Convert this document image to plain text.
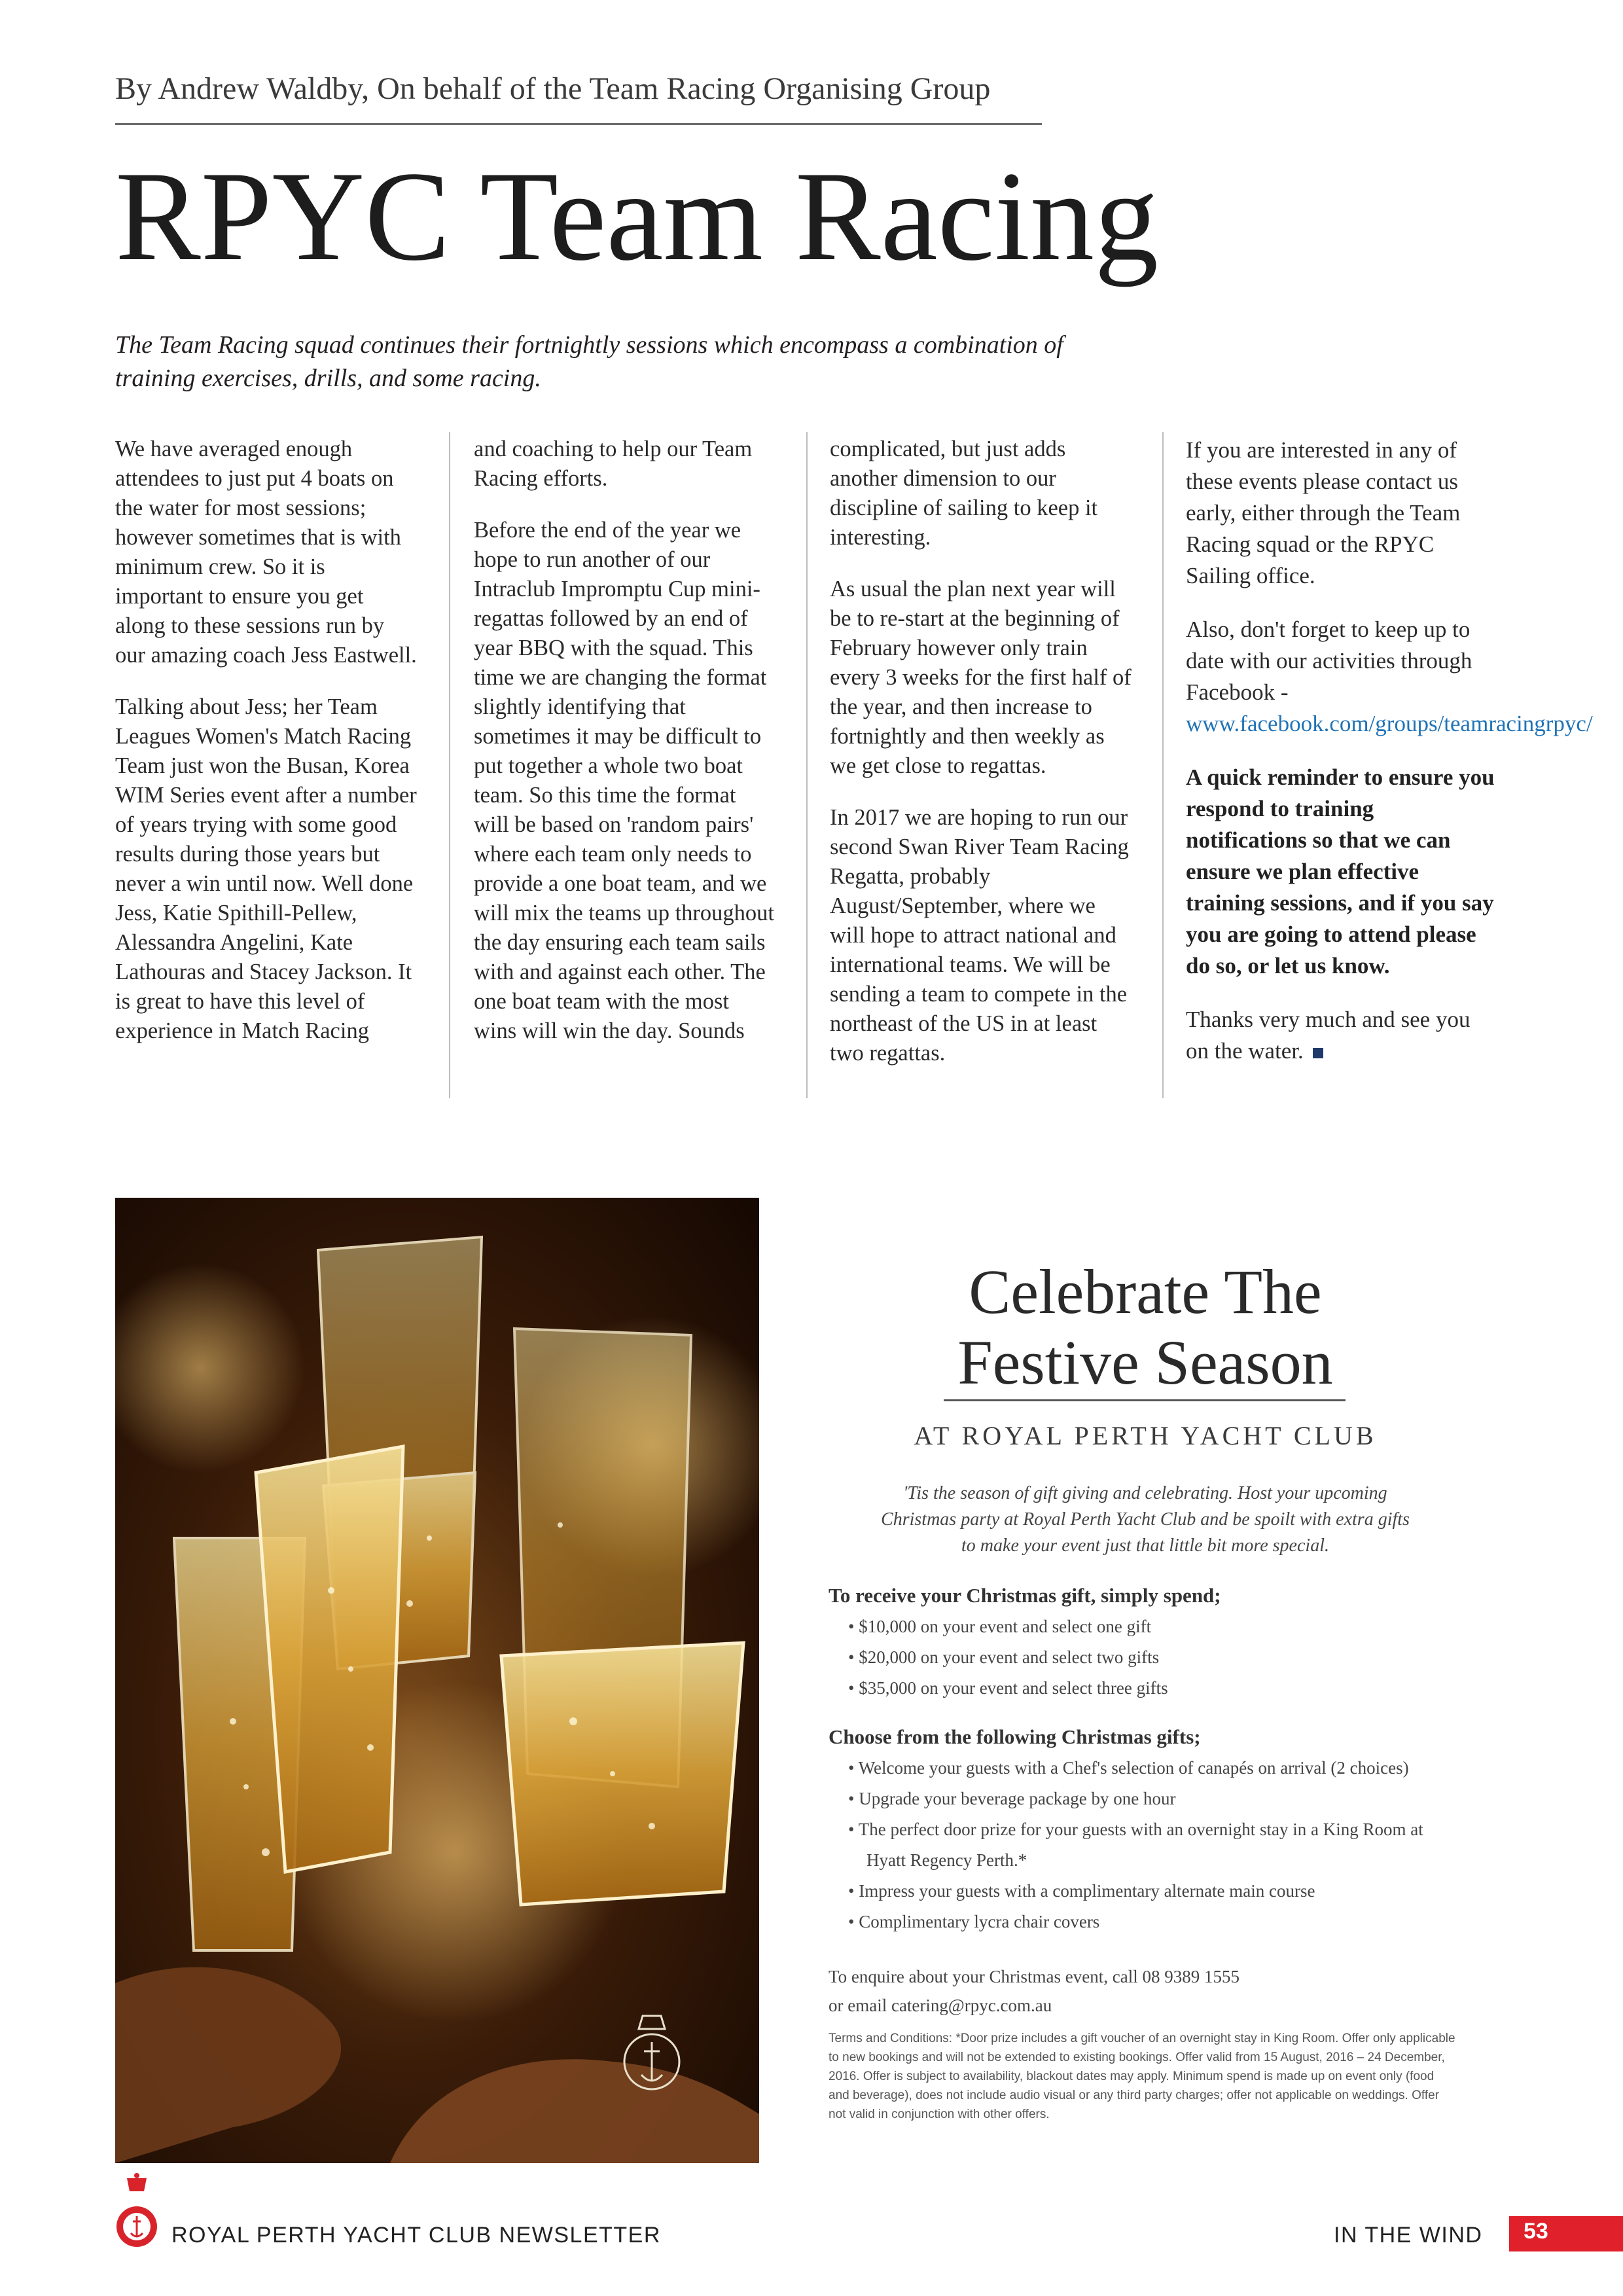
By Andrew Waldby, On behalf of the Team Racing Organising Group
RPYC Team Racing
The Team Racing squad continues their fortnightly sessions which encompass a combination of
training exercises, drills, and some racing.

We have averaged enough attendees to just put 4 boats on the water for most sessions; however sometimes that is with minimum crew. So it is important to ensure you get along to these sessions run by our amazing coach Jess Eastwell.

Talking about Jess; her Team Leagues Women's Match Racing Team just won the Busan, Korea WIM Series event after a number of years trying with some good results during those years but never a win until now. Well done Jess, Katie Spithill-Pellew, Alessandra Angelini, Kate Lathouras and Stacey Jackson. It is great to have this level of experience in Match Racing

and coaching to help our Team Racing efforts.

Before the end of the year we hope to run another of our Intraclub Impromptu Cup mini-regattas followed by an end of year BBQ with the squad. This time we are changing the format slightly identifying that sometimes it may be difficult to put together a whole two boat team. So this time the format will be based on 'random pairs' where each team only needs to provide a one boat team, and we will mix the teams up throughout the day ensuring each team sails with and against each other. The one boat team with the most wins will win the day. Sounds

complicated, but just adds another dimension to our discipline of sailing to keep it interesting.

As usual the plan next year will be to re-start at the beginning of February however only train every 3 weeks for the first half of the year, and then increase to fortnightly and then weekly as we get close to regattas.

In 2017 we are hoping to run our second Swan River Team Racing Regatta, probably August/September, where we will hope to attract national and international teams. We will be sending a team to compete in the northeast of the US in at least two regattas.

If you are interested in any of these events please contact us early, either through the Team Racing squad or the RPYC Sailing office.

Also, don't forget to keep up to date with our activities through Facebook - www.facebook.com/groups/teamracingrpyc/

A quick reminder to ensure you respond to training notifications so that we can ensure we plan effective training sessions, and if you say you are going to attend please do so, or let us know.

Thanks very much and see you on the water.

Celebrate The
Festive Season
AT ROYAL PERTH YACHT CLUB
'Tis the season of gift giving and celebrating. Host your upcoming
Christmas party at Royal Perth Yacht Club and be spoilt with extra gifts
to make your event just that little bit more special.
To receive your Christmas gift, simply spend;
• $10,000 on your event and select one gift
• $20,000 on your event and select two gifts
• $35,000 on your event and select three gifts
Choose from the following Christmas gifts;
• Welcome your guests with a Chef's selection of canapés on arrival (2 choices)
• Upgrade your beverage package by one hour
• The perfect door prize for your guests with an overnight stay in a King Room at Hyatt Regency Perth.*
• Impress your guests with a complimentary alternate main course
• Complimentary lycra chair covers
To enquire about your Christmas event, call 08 9389 1555
or email catering@rpyc.com.au
Terms and Conditions: *Door prize includes a gift voucher of an overnight stay in King Room. Offer only applicable to new bookings and will not be extended to existing bookings. Offer valid from 15 August, 2016 – 24 December, 2016. Offer is subject to availability, blackout dates may apply. Minimum spend is made up on event only (food and beverage), does not include audio visual or any third party charges; offer not applicable on weddings. Offer not valid in conjunction with other offers.
ROYAL PERTH YACHT CLUB NEWSLETTER	IN THE WIND 53
